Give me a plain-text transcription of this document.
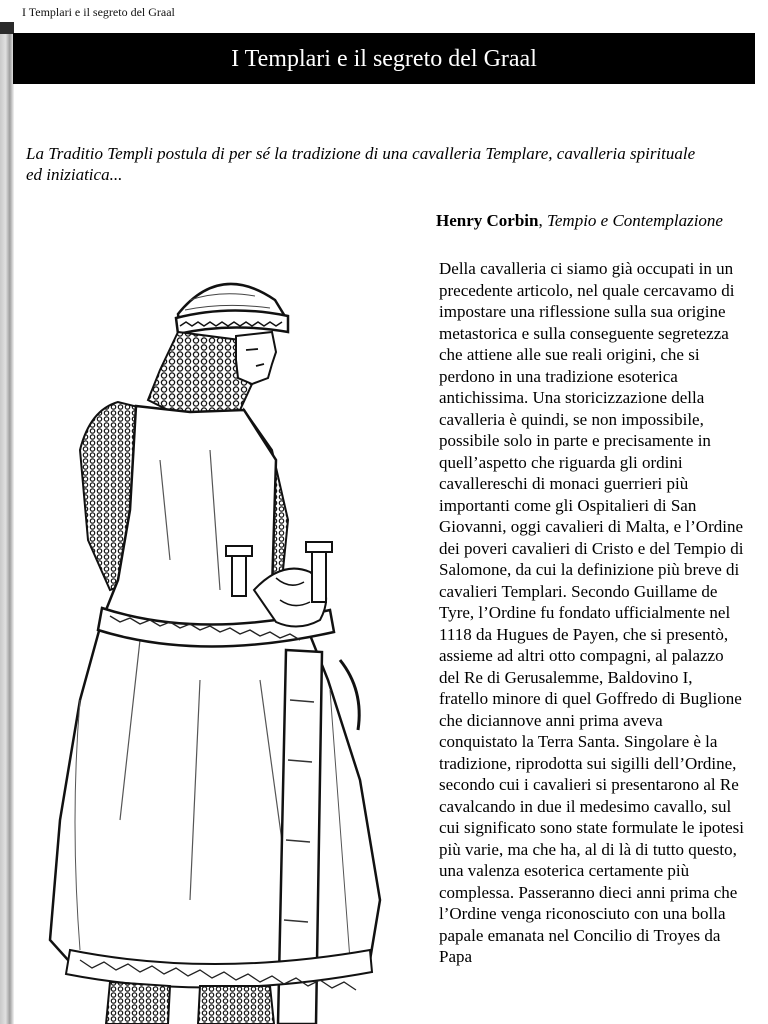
I Templari e il segreto del Graal
I Templari e il segreto del Graal
La Traditio Templi postula di per sé la tradizione di una cavalleria Templare, cavalleria spirituale ed iniziatica...
Henry Corbin, Tempio e Contemplazione
Della cavalleria ci siamo già occupati in un precedente articolo, nel quale cercavamo di impostare una riflessione sulla sua origine metastorica e sulla conseguente segretezza che attiene alle sue reali origini, che si perdono in una tradizione esoterica antichissima. Una storicizzazione della cavalleria è quindi, se non impossibile, possibile solo in parte e precisamente in quell’aspetto che riguarda gli ordini cavallereschi di monaci guerrieri più importanti come gli Ospitalieri di San Giovanni, oggi cavalieri di Malta, e l’Ordine dei poveri cavalieri di Cristo e del Tempio di Salomone, da cui la definizione più breve di cavalieri Templari. Secondo Guillame de Tyre, l’Ordine fu fondato ufficialmente nel 1118 da Hugues de Payen, che si presentò, assieme ad altri otto compagni, al palazzo del Re di Gerusalemme, Baldovino I, fratello minore di quel Goffredo di Buglione che diciannove anni prima aveva conquistato la Terra Santa. Singolare è la tradizione, riprodotta sui sigilli dell’Ordine, secondo cui i cavalieri si presentarono al Re cavalcando in due il medesimo cavallo, sul cui significato sono state formulate le ipotesi più varie, ma che ha, al di là di tutto questo, una valenza esoterica certamente più complessa. Passeranno dieci anni prima che l’Ordine venga riconosciuto con una bolla papale emanata nel Concilio di Troyes da Papa
